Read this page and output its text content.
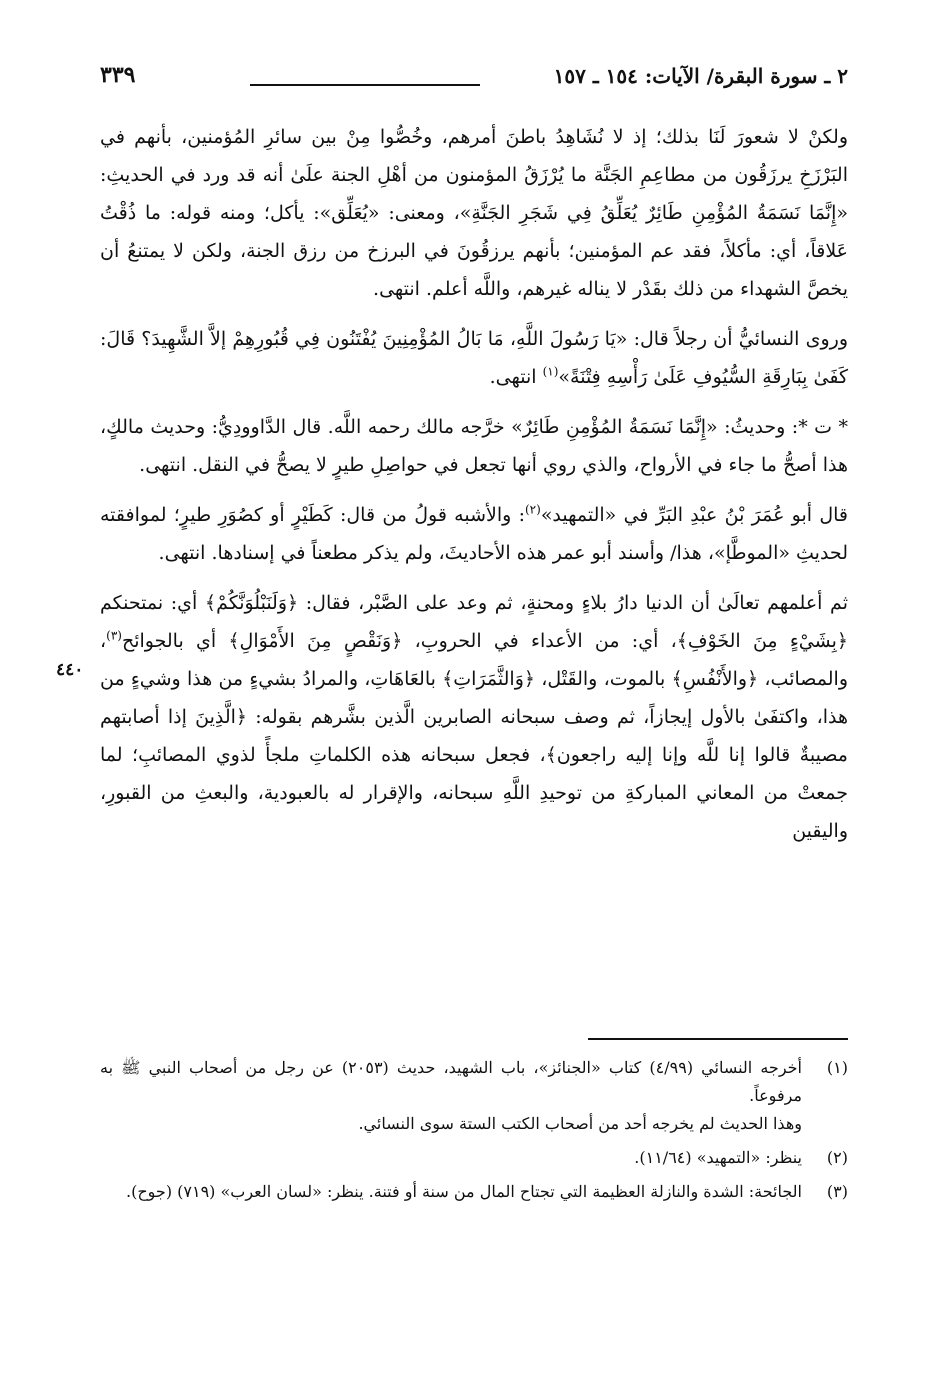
٢ ـ سورة البقرة/ الآيات: ١٥٤ ـ ١٥٧
٣٣٩

ولكنْ لا شعورَ لَنَا بذلك؛ إذ لا نُشَاهِدُ باطنَ أمرهم، وخُصُّوا مِنْ بين سائرِ المُؤمنين، بأنهم في البَرْزَخِ يرزَقُون من مطاعِمِ الجَنَّة ما يُرْزَقُ المؤمنون من أهْلِ الجنة علَىٰ أنه قد ورد في الحديثِ: «إِنَّمَا نَسَمَةُ المُؤْمِنِ طَائِرٌ يُعَلِّقُ فِي شَجَرِ الجَنَّةِ»، ومعنى: «يُعَلِّق»: يأكل؛ ومنه قوله: ما ذُقْتُ عَلاقاً، أي: مأكلاً، فقد عم المؤمنين؛ بأنهم يرزقُونَ في البرزخ من رزق الجنة، ولكن لا يمتنعُ أن يخصَّ الشهداء من ذلك بقَدْر لا يناله غيرهم، واللَّه أعلم. انتهى.

وروى النسائيُّ أن رجلاً قال: «يَا رَسُولَ اللَّهِ، مَا بَالُ المُؤْمِنِينَ يُفْتَنُون فِي قُبُورِهِمْ إلاَّ الشَّهِيدَ؟ قَالَ: كَفَىٰ بِبَارِقَةِ السُّيُوفِ عَلَىٰ رَأْسِهِ فِتْنَةً»$^{(١)}$ انتهى.

* ت *: وحديثُ: «إِنَّمَا نَسَمَةُ المُؤْمِنِ طَائِرٌ» خرَّجه مالك رحمه اللَّه. قال الدَّاوودِيُّ: وحديث مالكٍ، هذا أصحُّ ما جاء في الأرواح، والذي روي أنها تجعل في حواصِلِ طيرٍ لا يصحُّ في النقل. انتهى.

قال أبو عُمَرَ بْنُ عبْدِ البَرِّ في «التمهيد»$^{(٢)}$: والأشبه قولُ من قال: كَطَيْرٍ أو كصُوَرِ طيرٍ؛ لموافقته لحديثِ «الموطَّإ»، هذا/ وأسند أبو عمر هذه الأحاديثَ، ولم يذكر مطعناً في إسنادها. انتهى.

ثم أعلمهم تعالَىٰ أن الدنيا دارُ بلاءٍ ومحنةٍ، ثم وعد على الصَّبْر، فقال: ﴿وَلَنَبْلُوَنَّكُمْ﴾ أي: نمتحنكم ﴿بِشَيْءٍ مِنَ الخَوْفِ﴾، أي: من الأعداء في الحروبِ، ﴿وَنَقْصٍ مِنَ الأَمْوَالِ﴾ أي بالجوائح$^{(٣)}$، والمصائب، ﴿والأَنْفُسِ﴾ بالموت، والقَتْل، ﴿وَالثَّمَرَاتِ﴾ بالعَاهَاتِ، والمرادُ بشيءٍ من هذا وشيءٍ من هذا، واكتفَىٰ بالأول إيجازاً، ثم وصف سبحانه الصابرين الَّذين بشَّرهم بقوله: ﴿الَّذِينَ إذا أصابتهم مصيبةٌ قالوا إنا للَّه وإنا إليه راجعون﴾، فجعل سبحانه هذه الكلماتِ ملجأً لذوي المصائبِ؛ لما جمعتْ من المعاني المباركةِ من توحيدِ اللَّهِ سبحانه، والإقرار له بالعبودية، والبعثِ من القبورِ، واليقين

٤٤٠
(١)
أخرجه النسائي (٤/٩٩) كتاب «الجنائز»، باب الشهيد، حديث (٢٠٥٣) عن رجل من أصحاب النبي ﷺ به مرفوعاً.
وهذا الحديث لم يخرجه أحد من أصحاب الكتب الستة سوى النسائي.
(٢)
ينظر: «التمهيد» (١١/٦٤).
(٣)
الجائحة: الشدة والنازلة العظيمة التي تجتاح المال من سنة أو فتنة. ينظر: «لسان العرب» (٧١٩) (جوح).
